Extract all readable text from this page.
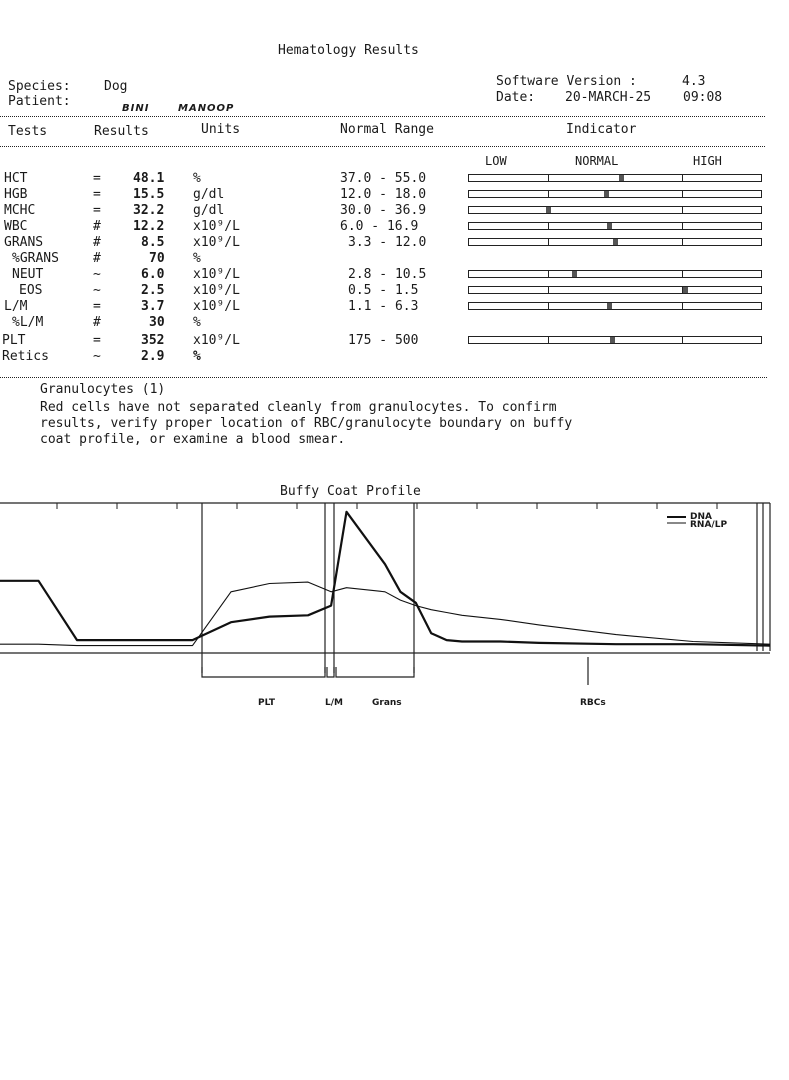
Hematology Results
Species:	Dog
Patient:	BINI	MANOOP
Software Version :	4.3
Date: 20-MARCH-25 09:08
Tests	Results	Units	Normal Range	Indicator
LOW	NORMAL	HIGH
HCT	= 48.1 %	37.0 - 55.0
HGB	= 15.5 g/dl	12.0 - 18.0
MCHC	= 32.2 g/dl	30.0 - 36.9
WBC	# 12.2 x10⁹/L	6.0 - 16.9
GRANS	#	8.5 x10⁹/L	3.3 - 12.0
%GRANS	#	70 %
NEUT	~	6.0 x10⁹/L	2.8 - 10.5
EOS	~	2.5 x10⁹/L	0.5 - 1.5
L/M	=	3.7 x10⁹/L	1.1 - 6.3
%L/M	#	30 %
PLT	=	352 x10⁹/L	175 - 500
Retics	~	2.9 %
Granulocytes (1)
Red cells have not separated cleanly from granulocytes. To confirm
results, verify proper location of RBC/granulocyte boundary on buffy
coat profile, or examine a blood smear.
Buffy Coat Profile
DNA
RNA/LP
PLT	L/M	Grans	RBCs
